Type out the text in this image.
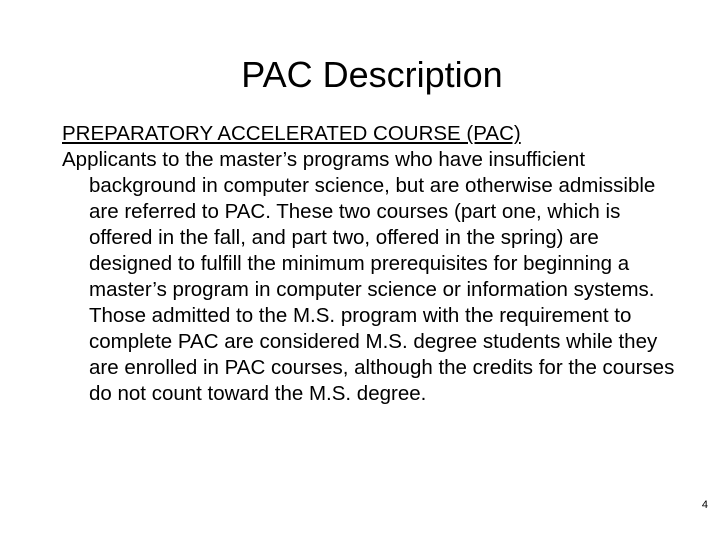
PAC Description
PREPARATORY ACCELERATED COURSE (PAC)
Applicants to the master’s programs who have insufficient background in computer science, but are otherwise admissible are referred to PAC. These two courses (part one, which is offered in the fall, and part two, offered in the spring) are designed to fulfill the minimum prerequisites for beginning a master’s program in computer science or information systems. Those admitted to the M.S. program with the requirement to complete PAC are considered M.S. degree students while they are enrolled in PAC courses, although the credits for the courses do not count toward the M.S. degree.
4
